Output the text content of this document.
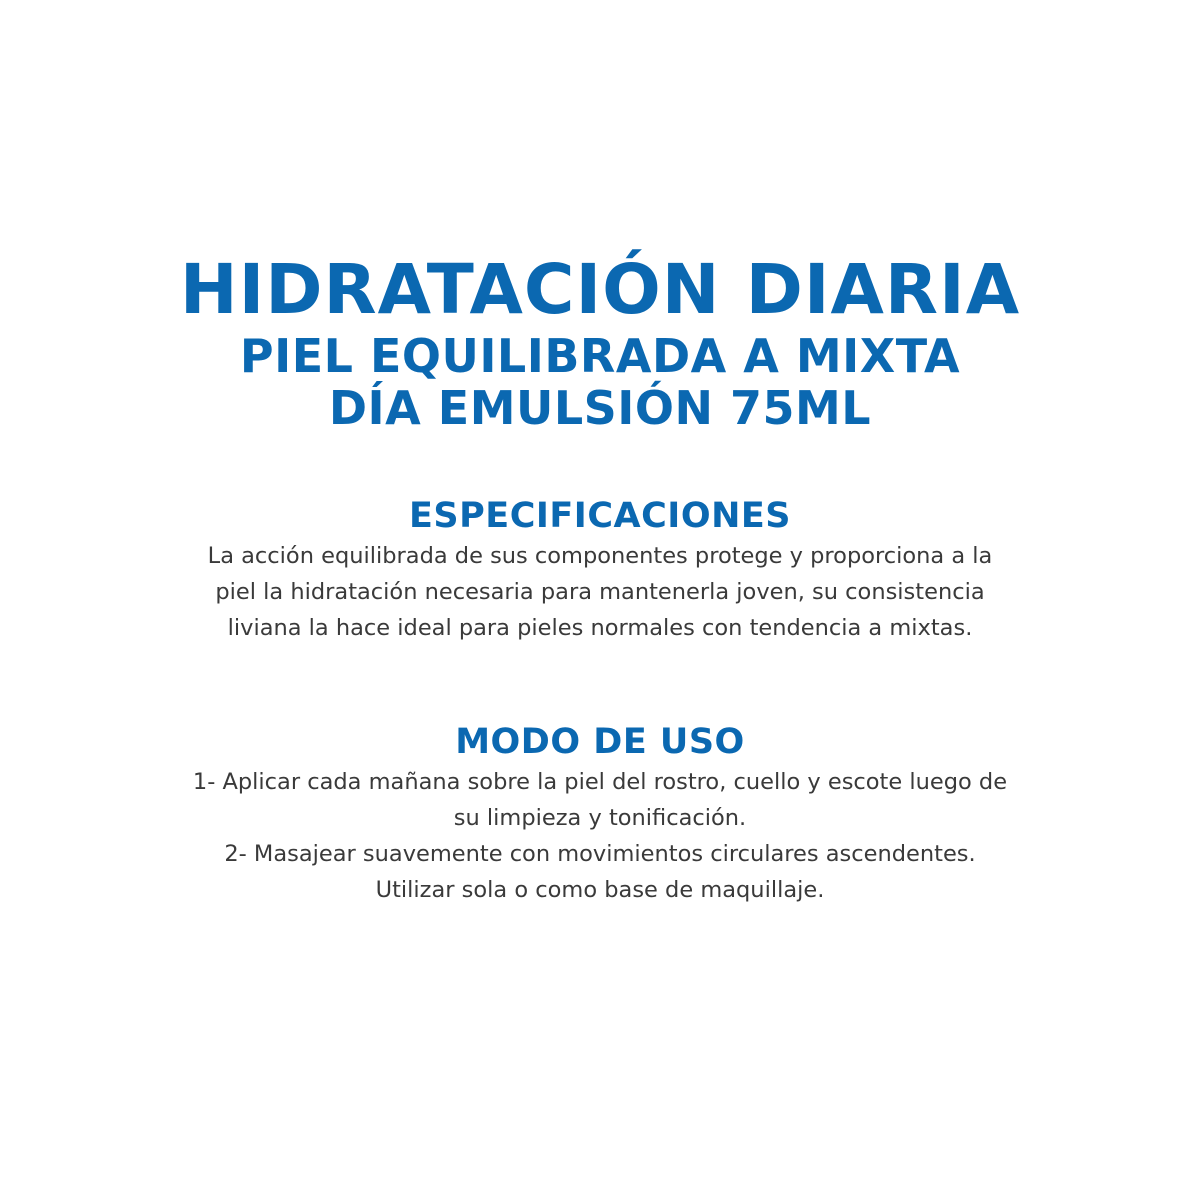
HIDRATACIÓN DIARIA
PIEL EQUILIBRADA A MIXTA
DÍA EMULSIÓN 75ML
ESPECIFICACIONES
La acción equilibrada de sus componentes protege y proporciona a la
piel la hidratación necesaria para mantenerla joven, su consistencia
liviana la hace ideal para pieles normales con tendencia a mixtas.
MODO DE USO
1- Aplicar cada mañana sobre la piel del rostro, cuello y escote luego de
su limpieza y tonificación.
2- Masajear suavemente con movimientos circulares ascendentes.
Utilizar sola o como base de maquillaje.
